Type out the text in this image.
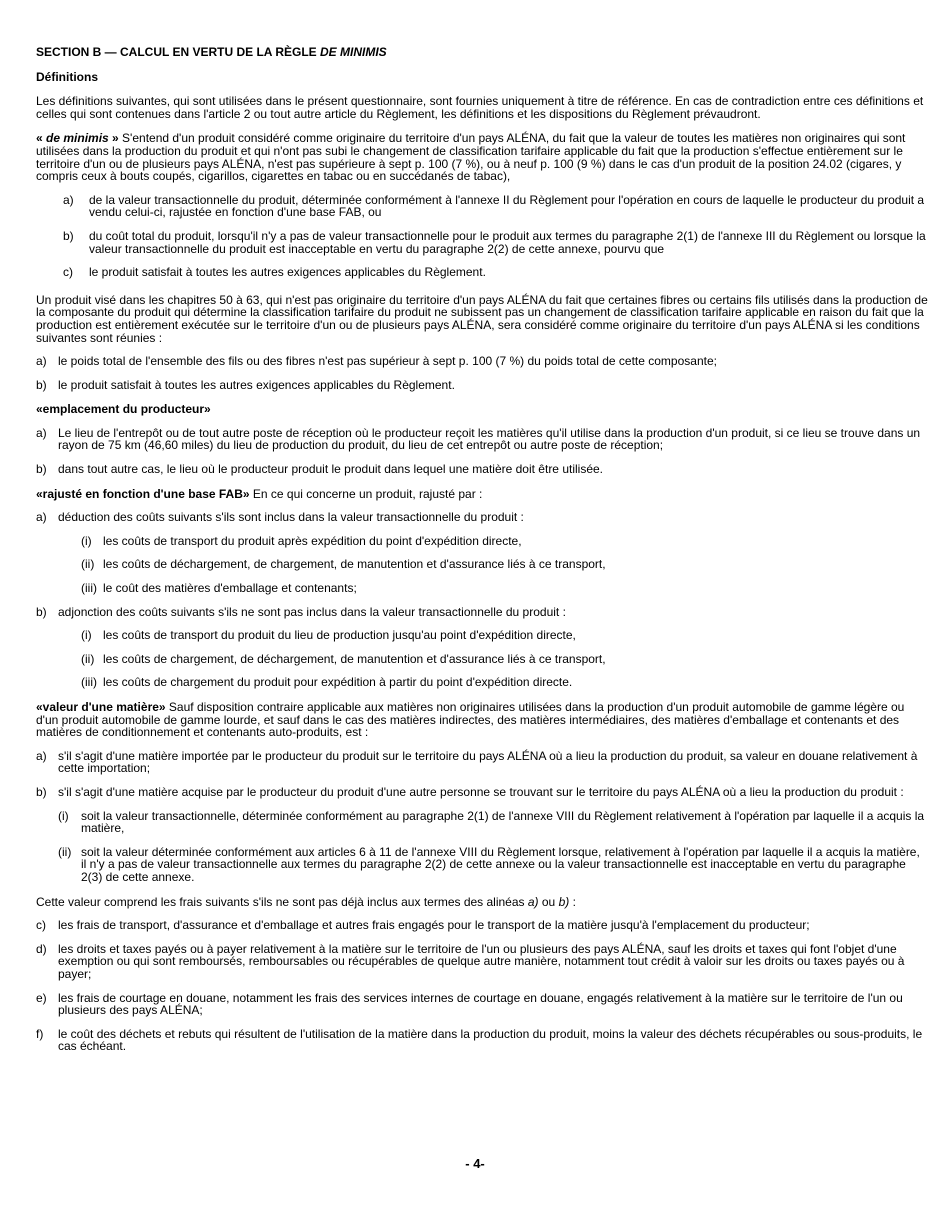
SECTION B — CALCUL EN VERTU DE LA RÈGLE DE MINIMIS

Définitions

Les définitions suivantes, qui sont utilisées dans le présent questionnaire, sont fournies uniquement à titre de référence. En cas de contradiction entre ces définitions et celles qui sont contenues dans l'article 2 ou tout autre article du Règlement, les définitions et les dispositions du Règlement prévaudront.

« de minimis » S'entend d'un produit considéré comme originaire du territoire d'un pays ALÉNA, du fait que la valeur de toutes les matières non originaires qui sont utilisées dans la production du produit et qui n'ont pas subi le changement de classification tarifaire applicable du fait que la production s'effectue entièrement sur le territoire d'un ou de plusieurs pays ALÉNA, n'est pas supérieure à sept p. 100 (7 %), ou à neuf p. 100 (9 %) dans le cas d'un produit de la position 24.02 (cigares, y compris ceux à bouts coupés, cigarillos, cigarettes en tabac ou en succédanés de tabac),

a) de la valeur transactionnelle du produit, déterminée conformément à l'annexe II du Règlement pour l'opération en cours de laquelle le producteur du produit a vendu celui-ci, rajustée en fonction d'une base FAB, ou
b) du coût total du produit, lorsqu'il n'y a pas de valeur transactionnelle pour le produit aux termes du paragraphe 2(1) de l'annexe III du Règlement ou lorsque la valeur transactionnelle du produit est inacceptable en vertu du paragraphe 2(2) de cette annexe, pourvu que
c) le produit satisfait à toutes les autres exigences applicables du Règlement.

Un produit visé dans les chapitres 50 à 63, qui n'est pas originaire du territoire d'un pays ALÉNA du fait que certaines fibres ou certains fils utilisés dans la production de la composante du produit qui détermine la classification tarifaire du produit ne subissent pas un changement de classification tarifaire applicable en raison du fait que la production est entièrement exécutée sur le territoire d'un ou de plusieurs pays ALÉNA, sera considéré comme originaire du territoire d'un pays ALÉNA si les conditions suivantes sont réunies :

a) le poids total de l'ensemble des fils ou des fibres n'est pas supérieur à sept p. 100 (7 %) du poids total de cette composante;
b) le produit satisfait à toutes les autres exigences applicables du Règlement.

«emplacement du producteur»

a) Le lieu de l'entrepôt ou de tout autre poste de réception où le producteur reçoit les matières qu'il utilise dans la production d'un produit, si ce lieu se trouve dans un rayon de 75 km (46,60 miles) du lieu de production du produit, du lieu de cet entrepôt ou autre poste de réception;
b) dans tout autre cas, le lieu où le producteur produit le produit dans lequel une matière doit être utilisée.

«rajusté en fonction d'une base FAB» En ce qui concerne un produit, rajusté par :

a) déduction des coûts suivants s'ils sont inclus dans la valeur transactionnelle du produit :
(i) les coûts de transport du produit après expédition du point d'expédition directe,
(ii) les coûts de déchargement, de chargement, de manutention et d'assurance liés à ce transport,
(iii) le coût des matières d'emballage et contenants;
b) adjonction des coûts suivants s'ils ne sont pas inclus dans la valeur transactionnelle du produit :
(i) les coûts de transport du produit du lieu de production jusqu'au point d'expédition directe,
(ii) les coûts de chargement, de déchargement, de manutention et d'assurance liés à ce transport,
(iii) les coûts de chargement du produit pour expédition à partir du point d'expédition directe.

«valeur d'une matière» Sauf disposition contraire applicable aux matières non originaires utilisées dans la production d'un produit automobile de gamme légère ou d'un produit automobile de gamme lourde, et sauf dans le cas des matières indirectes, des matières intermédiaires, des matières d'emballage et contenants et des matières de conditionnement et contenants auto-produits, est :

a) s'il s'agit d'une matière importée par le producteur du produit sur le territoire du pays ALÉNA où a lieu la production du produit, sa valeur en douane relativement à cette importation;
b) s'il s'agit d'une matière acquise par le producteur du produit d'une autre personne se trouvant sur le territoire du pays ALÉNA où a lieu la production du produit :
(i) soit la valeur transactionnelle, déterminée conformément au paragraphe 2(1) de l'annexe VIII du Règlement relativement à l'opération par laquelle il a acquis la matière,
(ii) soit la valeur déterminée conformément aux articles 6 à 11 de l'annexe VIII du Règlement lorsque, relativement à l'opération par laquelle il a acquis la matière, il n'y a pas de valeur transactionnelle aux termes du paragraphe 2(2) de cette annexe ou la valeur transactionnelle est inacceptable en vertu du paragraphe 2(3) de cette annexe.

Cette valeur comprend les frais suivants s'ils ne sont pas déjà inclus aux termes des alinéas a) ou b) :

c) les frais de transport, d'assurance et d'emballage et autres frais engagés pour le transport de la matière jusqu'à l'emplacement du producteur;
d) les droits et taxes payés ou à payer relativement à la matière sur le territoire de l'un ou plusieurs des pays ALÉNA, sauf les droits et taxes qui font l'objet d'une exemption ou qui sont remboursés, remboursables ou récupérables de quelque autre manière, notamment tout crédit à valoir sur les droits ou taxes payés ou à payer;
e) les frais de courtage en douane, notamment les frais des services internes de courtage en douane, engagés relativement à la matière sur le territoire de l'un ou plusieurs des pays ALÉNA;
f) le coût des déchets et rebuts qui résultent de l'utilisation de la matière dans la production du produit, moins la valeur des déchets récupérables ou sous-produits, le cas échéant.
- 4-
